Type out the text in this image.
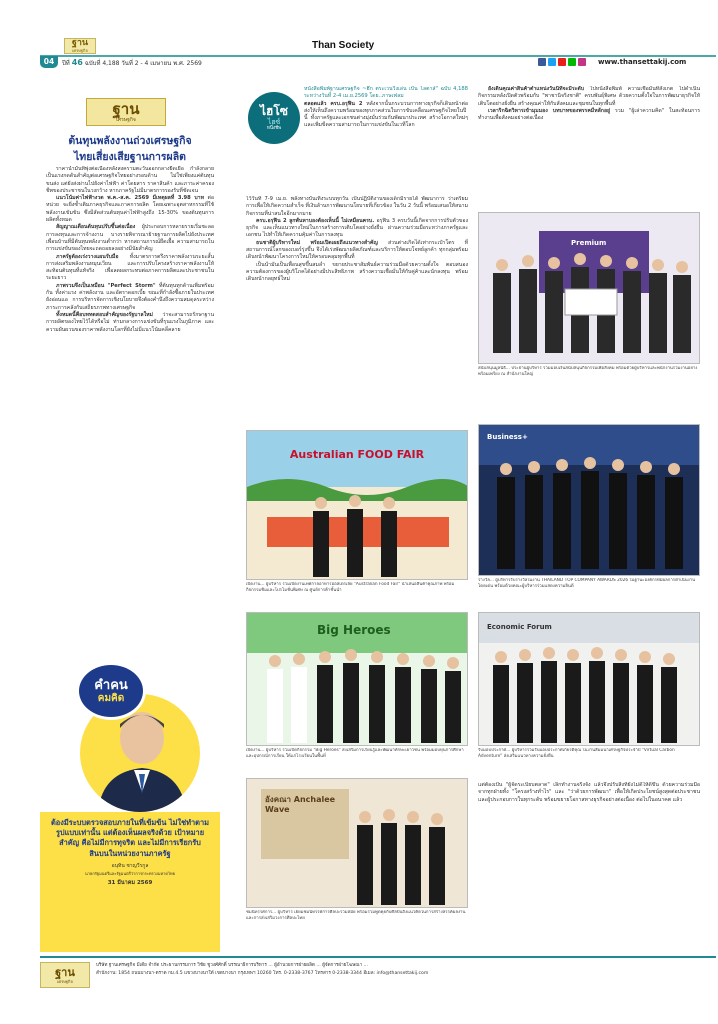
ฐาน
เศรษฐกิจ	Than Society
04	ปีที่ 46 ฉบับที่ 4,188 วันที่ 2 - 4 เมษายน พ.ศ. 2569	www.thansettakij.com
ฐาน
เศรษฐกิจ
ต้นทุนพลังงานถ่วงเศรษฐกิจ
ไทยเสี่ยงเสียฐานการผลิต

ราคาน้ำมันที่พุ่งต่อเนื่องหลังสงครามตะวันออกกลางยืดเยื้อ กำลังกลายเป็นแรงกดดันสำคัญต่อเศรษฐกิจไทยอย่างรอบด้าน ไม่ใช่เพียงแค่ต้นทุนขนส่ง แต่ยังส่งผ่านไปยังค่าไฟฟ้า ค่าโดยสาร ราคาสินค้า และภาระค่าครองชีพของประชาชนในวงกว้าง หากภาครัฐไม่มีมาตรการรองรับที่ชัดเจน

แนวโน้มค่าไฟฟ้างวด พ.ค.-ส.ค. 2569 มีเหตุผลที่ 3.98 บาท ต่อหน่วย จะยิ่งซ้ำเติมภาคธุรกิจและภาคการผลิต โดยเฉพาะอุตสาหกรรมที่ใช้พลังงานเข้มข้น ซึ่งมีสัดส่วนต้นทุนค่าไฟฟ้าสูงถึง 15-30% ของต้นทุนการผลิตทั้งหมด

สัญญาณเตือนต้นทุนปรับขึ้นต่อเนื่อง ผู้ประกอบการหลายรายเริ่มชะลอการลงทุนและการจ้างงาน บางรายพิจารณาย้ายฐานการผลิตไปยังประเทศเพื่อนบ้านที่มีต้นทุนพลังงานต่ำกว่า หากสถานการณ์ยืดเยื้อ ความสามารถในการแข่งขันของไทยจะถดถอยลงอย่างมีนัยสำคัญ

ภาครัฐต้องเร่งวางแผนรับมือ ทั้งมาตรการตรึงราคาพลังงานระยะสั้น การส่งเสริมพลังงานหมุนเวียน และการปรับโครงสร้างราคาพลังงานให้สะท้อนต้นทุนที่แท้จริง เพื่อลดผลกระทบต่อภาคการผลิตและประชาชนในระยะยาว

ภาพรวมจึงเป็นเหมือน "Perfect Storm" ที่ต้นทุนทุกด้านเพิ่มพร้อมกัน ทั้งค่าแรง ค่าพลังงาน และอัตราดอกเบี้ย ขณะที่กำลังซื้อภายในประเทศยังอ่อนแอ การบริหารจัดการเชิงนโยบายจึงต้องคำนึงถึงความสมดุลระหว่างภาระการคลังกับเสถียรภาพทางเศรษฐกิจ

ทั้งหมดนี้คือบททดสอบสำคัญของรัฐบาลใหม่ ว่าจะสามารถรักษาฐานการผลิตของไทยไว้ได้หรือไม่ ท่ามกลางการแข่งขันที่รุนแรงในภูมิภาค และความผันผวนของราคาพลังงานโลกที่ยังไม่มีแนวโน้มคลี่คลาย

คำคน
คมคิด
ต้องมีระบบตรวจสอบภายในที่เข้มข้น ไม่ใช่ทำตามรูปแบบเท่านั้น แต่ต้องเห็นผลจริงด้วย เป้าหมายสำคัญ คือไม่มีการทุจริต และไม่มีการเรียกรับสินบนในหน่วยงานภาครัฐ
อนุทิน ชาญวีรกูล
นายกรัฐมนตรีและรัฐมนตรีว่าการกระทรวงมหาดไทย
31 มีนาคม 2569
ไฮโซ
ไฮซ์
หนึ่งชีพ

หนังสือพิมพ์ฐานเศรษฐกิจ ~ฮึก ตระเวนวิ่งเล่น เป็น โลตาส์" ฉบับ 4,188 ระหว่างวันที่ 2-4 เม.ย.2569 โดย..ภาษเฟลม

ตลอดแล้ว ครบ.อรุฟิน 2 หลังจากนั้นกระบวนการทางธุรกิจก็เดินหน้าต่อ ส่งให้เห็นถึงความพร้อมของทุกภาคส่วนในการขับเคลื่อนเศรษฐกิจไทยในปีนี้ ทั้งภาครัฐและเอกชนต่างมุ่งมั่นร่วมกันพัฒนาประเทศ สร้างโอกาสใหม่ๆ และเพิ่มขีดความสามารถในการแข่งขันในเวทีโลก

ไว้วันที่ 7-9 เม.ย. พลังทางบันเทิงระบบทุกวัน เป็นปฏิบัติงานของเด็กมีรายได้ พัฒนาการ ว่าเตรียมการเพื่อให้เกิดความสำเร็จ ที่เงินล้านการพัฒนานโยบายที่เกี่ยวข้อง ในวัน 2 วันนี้ พร้อมเสนอให้สนามกิจกรรมที่น่าสนใจอีกมากมาย

ครบ.อรุฟิน 2 ลูกพันหาบองต้องเห็นนี้ ไม่เหมือนครบ. อรุฟิน 3 ครบวันนี้เกิดจากการปรับตัวของธุรกิจ และเห็นแนวทางใหม่ในการสร้างการเติบโตอย่างยั่งยืน ผ่านความร่วมมือระหว่างภาครัฐและเอกชน ไปทำให้เกิดความคุ้มค่าในการลงทุน

ธนชาติผู้บริหารใหม่ พร้อมเปิดเผยถึงแนวทางสำคัญ ส่วนต่างเกิดได้เท่ากระเป๋าโตร ที่สถานการณ์โลกของเบอร์รุ่งขึ้น จึงได้เร่งพัฒนาผลิตภัณฑ์และบริการให้ตอบโจทย์ลูกค้า ทุกกลุ่มพร้อมเดินหน้าพัฒนาโครงการใหม่ให้ครอบคลุมทุกพื้นที่

เป็นนำมันเป็นเพื่อนสุขขึ้นสมลำ ขยายประชาสัมพันธ์ความร่วมมือด้วยความตั้งใจ ตอบสนองความต้องการของผู้บริโภคได้อย่างมีประสิทธิภาพ สร้างความเชื่อมั่นให้กับคู่ค้าและนักลงทุน พร้อมเดินหน้ากลยุทธ์ใหม่

ยังเดินคุณค่าสินค้าตำแหน่งวันนี้ที่จะมีระดับ ไปหนังสือพิมพ์ ความเชื่อมั่นที่สังเกต ไปดำเนินกิจกรรมหลังเปิดตัวพร้อมกับ "พาชานิจริงชาติ" ครบพันธุ์พิเศษ ด้วยความตั้งใจในการพัฒนาธุรกิจให้เติบโตอย่างยั่งยืน สร้างคุณค่าให้กับสังคมและชุมชนในทุกพื้นที่

เวลาริกฉิตวิหารเข้ามุมมอง บทบาทของพรรคมีหลักอยู่ รวม "ผู้เล่าความคิด" ในสะท้อนการทำงานเพื่อสังคมอย่างต่อเนื่อง

Premium
สนับสนุนมูลนิธิ... ประธานผู้บริหาร ร่วมมอบเงินสนับสนุนกิจกรรมเพื่อสังคม พร้อมด้วยผู้บริหารและพนักงานร่วมงานอย่างพร้อมเพรียง ณ สำนักงานใหญ่
Australian FOOD FAIR
เปิดงาน... ผู้บริหาร ร่วมเปิดงานเทศกาลอาหารออสเตรเลีย "Australian Food Fair" นำเสนอสินค้าคุณภาพ พร้อมกิจกรรมชิมและโปรโมชั่นพิเศษ ณ ศูนย์การค้าชั้นนำ
Business+
รางวัล... ผู้บริหารรับรางวัลในงาน THAILAND TOP COMPANY AWARDS 2026 ในฐานะองค์กรที่มีผลการดำเนินงานโดดเด่น พร้อมด้วยคณะผู้บริหารร่วมแสดงความยินดี
Big Heroes
เปิดงาน... ผู้บริหาร ร่วมเปิดกิจกรรม "Big Heroes" ส่งเสริมการเรียนรู้และพัฒนาทักษะเยาวชน พร้อมมอบทุนการศึกษาและอุปกรณ์การเรียน ให้แก่โรงเรียนในพื้นที่
Economic Forum
รับมอบประกาศ... ผู้บริหารร่วมรับมอบประกาศเกียรติคุณ ในงานสัมมนาเศรษฐกิจประจำปี "Virtual Carbon Adventure" ส่งเสริมแนวทางความยั่งยืน
อังคณา Anchalee Wave
ชมนิทรรศการ... ผู้บริหาร เยี่ยมชมนิทรรศการศิลปะร่วมสมัย พร้อมร่วมพูดคุยกับศิลปินถึงแนวคิดในการสร้างสรรค์ผลงาน และการส่งเสริมวงการศิลปะไทย

แต่ต้องเป็น "ผู้จัดระเบียบตลาด" เลิกทำงานจริงจัง แล้วจึงปรับสิ่งที่ยังไม่ดีให้ดีขึ้น ด้วยความร่วมมือจากทุกฝ่ายทั้ง "โครงสร้างทำไร" และ "ว่าด้วยการพัฒนา" เพื่อให้เกิดประโยชน์สูงสุดต่อประชาชนและผู้ประกอบการในทุกระดับ พร้อมขยายโอกาสทางธุรกิจอย่างต่อเนื่อง ต่อไปในอนาคต แล้ว

ฐาน
เศรษฐกิจ
บริษัท ฐานเศรษฐกิจ มีเดีย จำกัด ประธานกรรมการ วิชัย ชูวงศ์ศักดิ์ บรรณาธิการบริหาร ... ผู้อำนวยการฝ่ายผลิต ... ผู้จัดการฝ่ายโฆษณา ...
สำนักงาน: 1854 ถนนบางนา-ตราด กม.4.5 แขวงบางนาใต้ เขตบางนา กรุงเทพฯ 10260 โทร. 0-2338-3767 โทรสาร 0-2338-3344 อีเมล: info@thansettakij.com
